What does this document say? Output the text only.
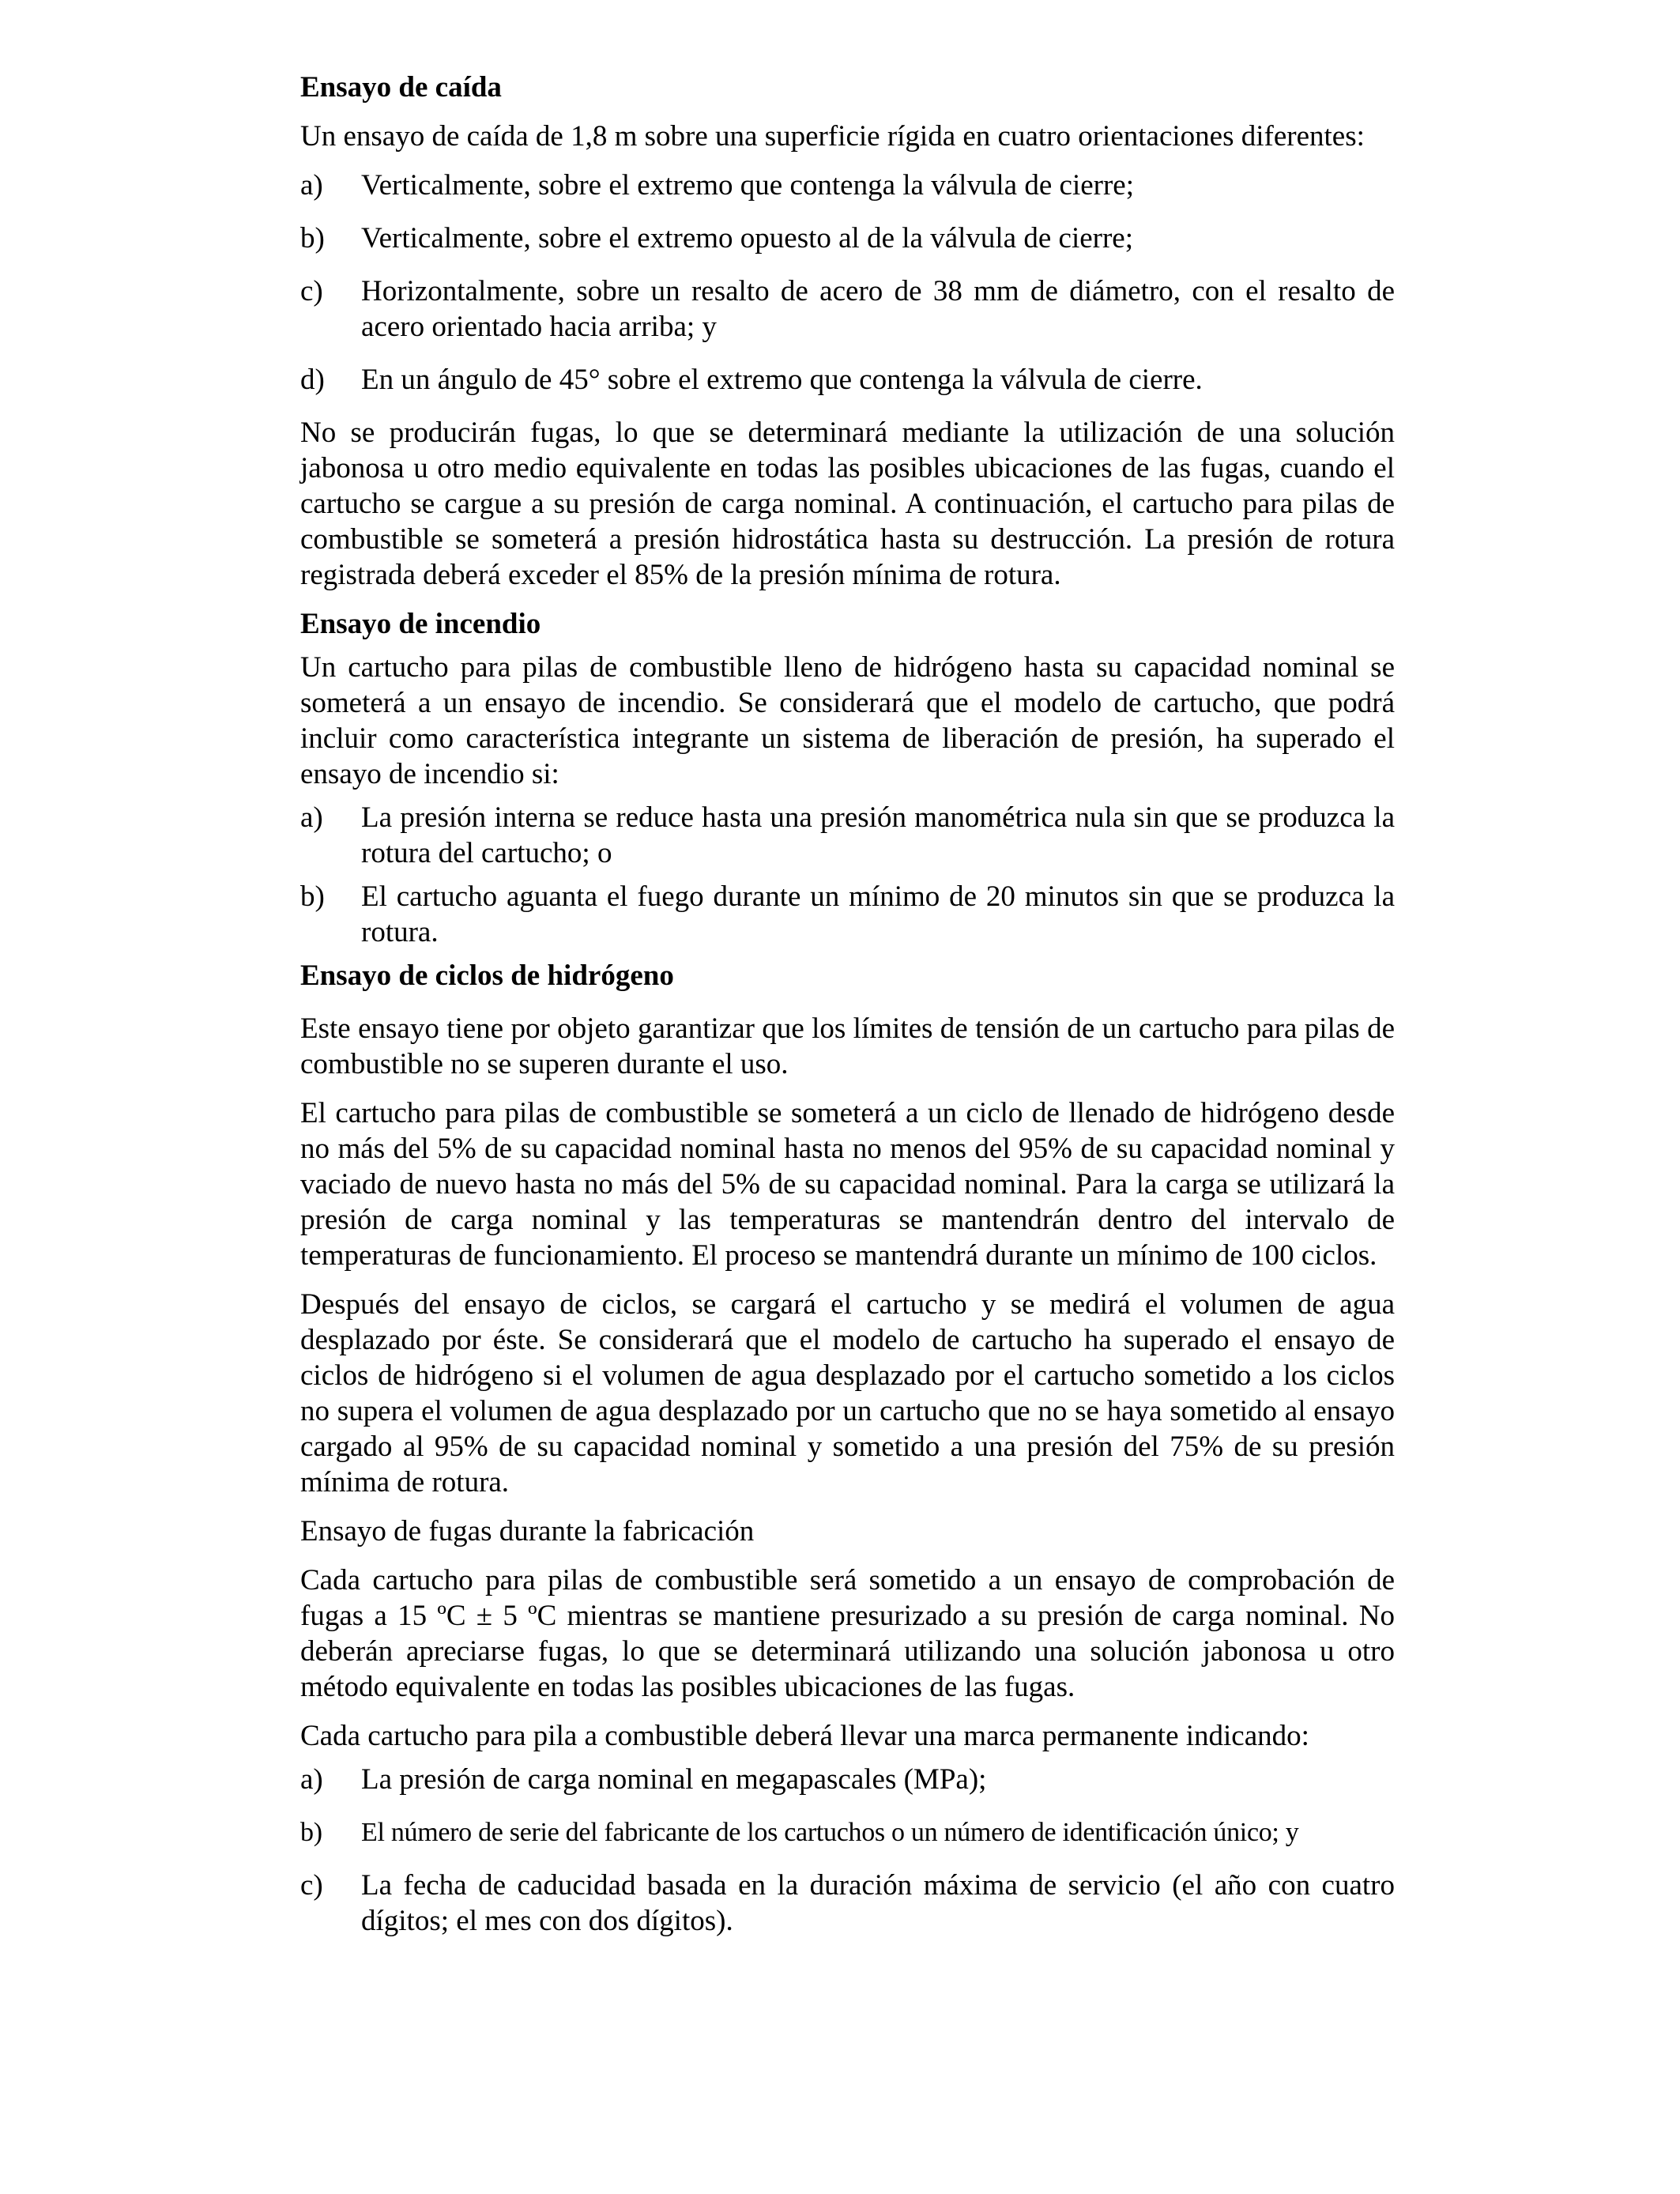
Ensayo de caída
Un ensayo de caída de 1,8 m sobre una superficie rígida en cuatro orientaciones diferentes:
a) Verticalmente, sobre el extremo que contenga la válvula de cierre;
b) Verticalmente, sobre el extremo opuesto al de la válvula de cierre;
c) Horizontalmente, sobre un resalto de acero de 38 mm de diámetro, con el resalto de acero orientado hacia arriba; y
d) En un ángulo de 45° sobre el extremo que contenga la válvula de cierre.
No se producirán fugas, lo que se determinará mediante la utilización de una solución jabonosa u otro medio equivalente en todas las posibles ubicaciones de las fugas, cuando el cartucho se cargue a su presión de carga nominal. A continuación, el cartucho para pilas de combustible se someterá a presión hidrostática hasta su destrucción. La presión de rotura registrada deberá exceder el 85% de la presión mínima de rotura.
Ensayo de incendio
Un cartucho para pilas de combustible lleno de hidrógeno hasta su capacidad nominal se someterá a un ensayo de incendio. Se considerará que el modelo de cartucho, que podrá incluir como característica integrante un sistema de liberación de presión, ha superado el ensayo de incendio si:
a) La presión interna se reduce hasta una presión manométrica nula sin que se produzca la rotura del cartucho; o
b) El cartucho aguanta el fuego durante un mínimo de 20 minutos sin que se produzca la rotura.
Ensayo de ciclos de hidrógeno
Este ensayo tiene por objeto garantizar que los límites de tensión de un cartucho para pilas de combustible no se superen durante el uso.
El cartucho para pilas de combustible se someterá a un ciclo de llenado de hidrógeno desde no más del 5% de su capacidad nominal hasta no menos del 95% de su capacidad nominal y vaciado de nuevo hasta no más del 5% de su capacidad nominal. Para la carga se utilizará la presión de carga nominal y las temperaturas se mantendrán dentro del intervalo de temperaturas de funcionamiento. El proceso se mantendrá durante un mínimo de 100 ciclos.
Después del ensayo de ciclos, se cargará el cartucho y se medirá el volumen de agua desplazado por éste. Se considerará que el modelo de cartucho ha superado el ensayo de ciclos de hidrógeno si el volumen de agua desplazado por el cartucho sometido a los ciclos no supera el volumen de agua desplazado por un cartucho que no se haya sometido al ensayo cargado al 95% de su capacidad nominal y sometido a una presión del 75% de su presión mínima de rotura.
Ensayo de fugas durante la fabricación
Cada cartucho para pilas de combustible será sometido a un ensayo de comprobación de fugas a 15 ºC ± 5 ºC mientras se mantiene presurizado a su presión de carga nominal. No deberán apreciarse fugas, lo que se determinará utilizando una solución jabonosa u otro método equivalente en todas las posibles ubicaciones de las fugas.
Cada cartucho para pila a combustible deberá llevar una marca permanente indicando:
a) La presión de carga nominal en megapascales (MPa);
b) El número de serie del fabricante de los cartuchos o un número de identificación único; y
c) La fecha de caducidad basada en la duración máxima de servicio (el año con cuatro dígitos; el mes con dos dígitos).
